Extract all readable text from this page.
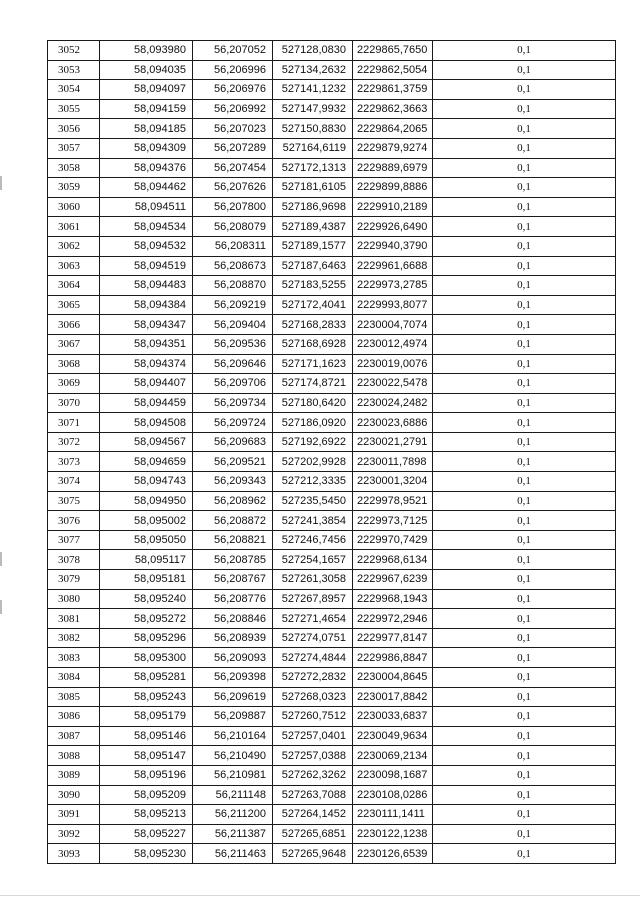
3052	58,093980	56,207052	527128,0830	2229865,7650	0,1
3053	58,094035	56,206996	527134,2632	2229862,5054	0,1
3054	58,094097	56,206976	527141,1232	2229861,3759	0,1
3055	58,094159	56,206992	527147,9932	2229862,3663	0,1
3056	58,094185	56,207023	527150,8830	2229864,2065	0,1
3057	58,094309	56,207289	527164,6119	2229879,9274	0,1
3058	58,094376	56,207454	527172,1313	2229889,6979	0,1
3059	58,094462	56,207626	527181,6105	2229899,8886	0,1
3060	58,094511	56,207800	527186,9698	2229910,2189	0,1
3061	58,094534	56,208079	527189,4387	2229926,6490	0,1
3062	58,094532	56,208311	527189,1577	2229940,3790	0,1
3063	58,094519	56,208673	527187,6463	2229961,6688	0,1
3064	58,094483	56,208870	527183,5255	2229973,2785	0,1
3065	58,094384	56,209219	527172,4041	2229993,8077	0,1
3066	58,094347	56,209404	527168,2833	2230004,7074	0,1
3067	58,094351	56,209536	527168,6928	2230012,4974	0,1
3068	58,094374	56,209646	527171,1623	2230019,0076	0,1
3069	58,094407	56,209706	527174,8721	2230022,5478	0,1
3070	58,094459	56,209734	527180,6420	2230024,2482	0,1
3071	58,094508	56,209724	527186,0920	2230023,6886	0,1
3072	58,094567	56,209683	527192,6922	2230021,2791	0,1
3073	58,094659	56,209521	527202,9928	2230011,7898	0,1
3074	58,094743	56,209343	527212,3335	2230001,3204	0,1
3075	58,094950	56,208962	527235,5450	2229978,9521	0,1
3076	58,095002	56,208872	527241,3854	2229973,7125	0,1
3077	58,095050	56,208821	527246,7456	2229970,7429	0,1
3078	58,095117	56,208785	527254,1657	2229968,6134	0,1
3079	58,095181	56,208767	527261,3058	2229967,6239	0,1
3080	58,095240	56,208776	527267,8957	2229968,1943	0,1
3081	58,095272	56,208846	527271,4654	2229972,2946	0,1
3082	58,095296	56,208939	527274,0751	2229977,8147	0,1
3083	58,095300	56,209093	527274,4844	2229986,8847	0,1
3084	58,095281	56,209398	527272,2832	2230004,8645	0,1
3085	58,095243	56,209619	527268,0323	2230017,8842	0,1
3086	58,095179	56,209887	527260,7512	2230033,6837	0,1
3087	58,095146	56,210164	527257,0401	2230049,9634	0,1
3088	58,095147	56,210490	527257,0388	2230069,2134	0,1
3089	58,095196	56,210981	527262,3262	2230098,1687	0,1
3090	58,095209	56,211148	527263,7088	2230108,0286	0,1
3091	58,095213	56,211200	527264,1452	2230111,1411	0,1
3092	58,095227	56,211387	527265,6851	2230122,1238	0,1
3093	58,095230	56,211463	527265,9648	2230126,6539	0,1
